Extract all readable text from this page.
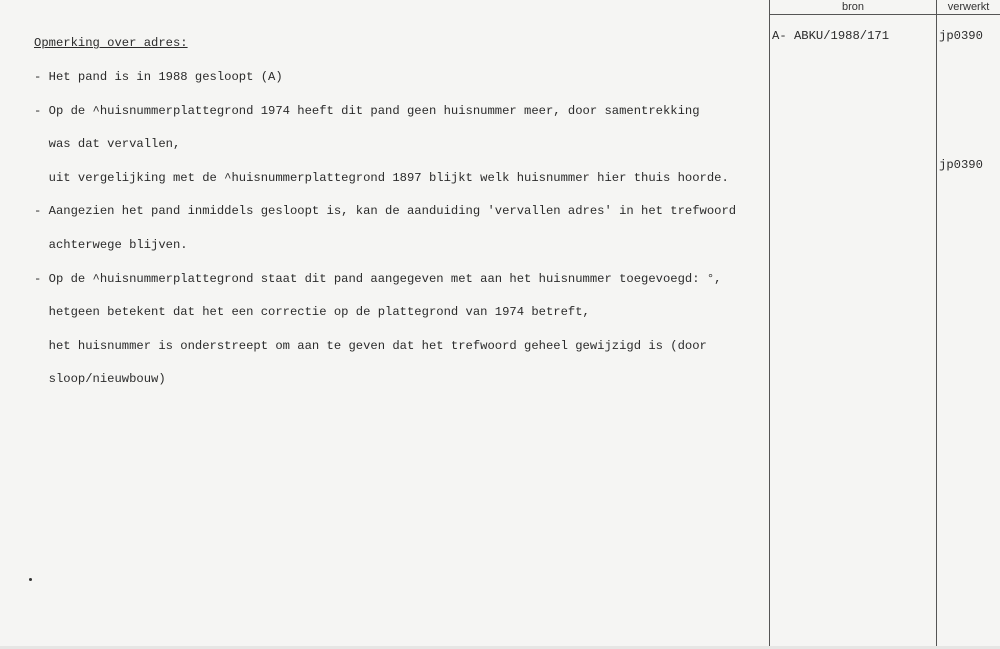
bron	verwerkt

Opmerking over adres:

- Het pand is in 1988 gesloopt (A)

- Op de ^huisnummerplattegrond 1974 heeft dit pand geen huisnummer meer, door samentrekking

was dat vervallen,

uit vergelijking met de ^huisnummerplattegrond 1897 blijkt welk huisnummer hier thuis hoorde.

- Aangezien het pand inmiddels gesloopt is, kan de aanduiding 'vervallen adres' in het trefwoord

achterwege blijven.

- Op de ^huisnummerplattegrond staat dit pand aangegeven met aan het huisnummer toegevoegd: °,

hetgeen betekent dat het een correctie op de plattegrond van 1974 betreft,

het huisnummer is onderstreept om aan te geven dat het trefwoord geheel gewijzigd is (door

sloop/nieuwbouw)

A- ABKU/1988/171	jp0390
jp0390
